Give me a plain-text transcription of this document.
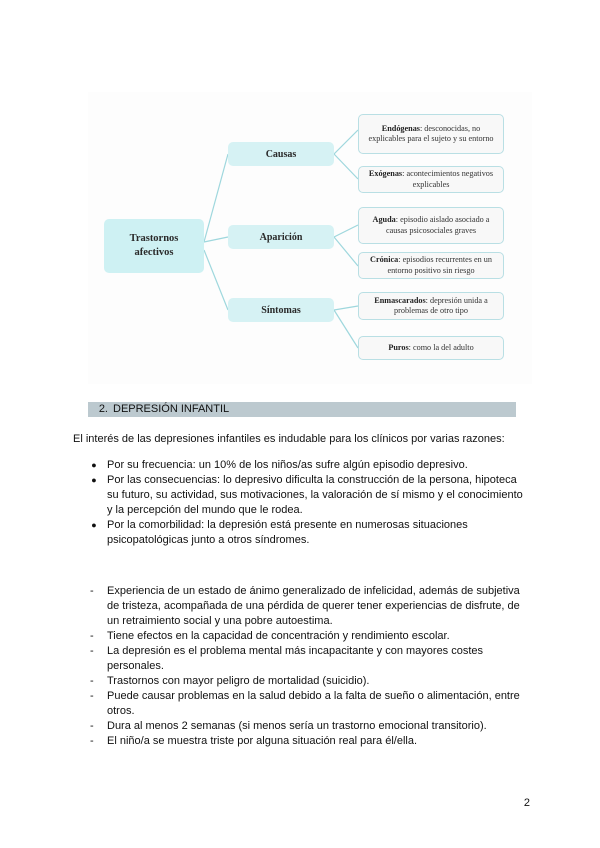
Trastornos afectivos
Causas
Aparición
Síntomas
Endógenas: desconocidas, no explicables para el sujeto y su entorno
Exógenas: acontecimientos negativos explicables
Aguda: episodio aislado asociado a causas psicosociales graves
Crónica: episodios recurrentes en un entorno positivo sin riesgo
Enmascarados: depresión unida a problemas de otro tipo
Puros: como la del adulto
2. DEPRESIÓN INFANTIL
El interés de las depresiones infantiles es indudable para los clínicos por varias razones:
● Por su frecuencia: un 10% de los niños/as sufre algún episodio depresivo.
● Por las consecuencias: lo depresivo dificulta la construcción de la persona, hipoteca su futuro, su actividad, sus motivaciones, la valoración de sí mismo y el conocimiento y la percepción del mundo que le rodea.
● Por la comorbilidad: la depresión está presente en numerosas situaciones psicopatológicas junto a otros síndromes.
- Experiencia de un estado de ánimo generalizado de infelicidad, además de subjetiva de tristeza, acompañada de una pérdida de querer tener experiencias de disfrute, de un retraimiento social y una pobre autoestima.
- Tiene efectos en la capacidad de concentración y rendimiento escolar.
- La depresión es el problema mental más incapacitante y con mayores costes personales.
- Trastornos con mayor peligro de mortalidad (suicidio).
- Puede causar problemas en la salud debido a la falta de sueño o alimentación, entre otros.
- Dura al menos 2 semanas (si menos sería un trastorno emocional transitorio).
- El niño/a se muestra triste por alguna situación real para él/ella.
2
